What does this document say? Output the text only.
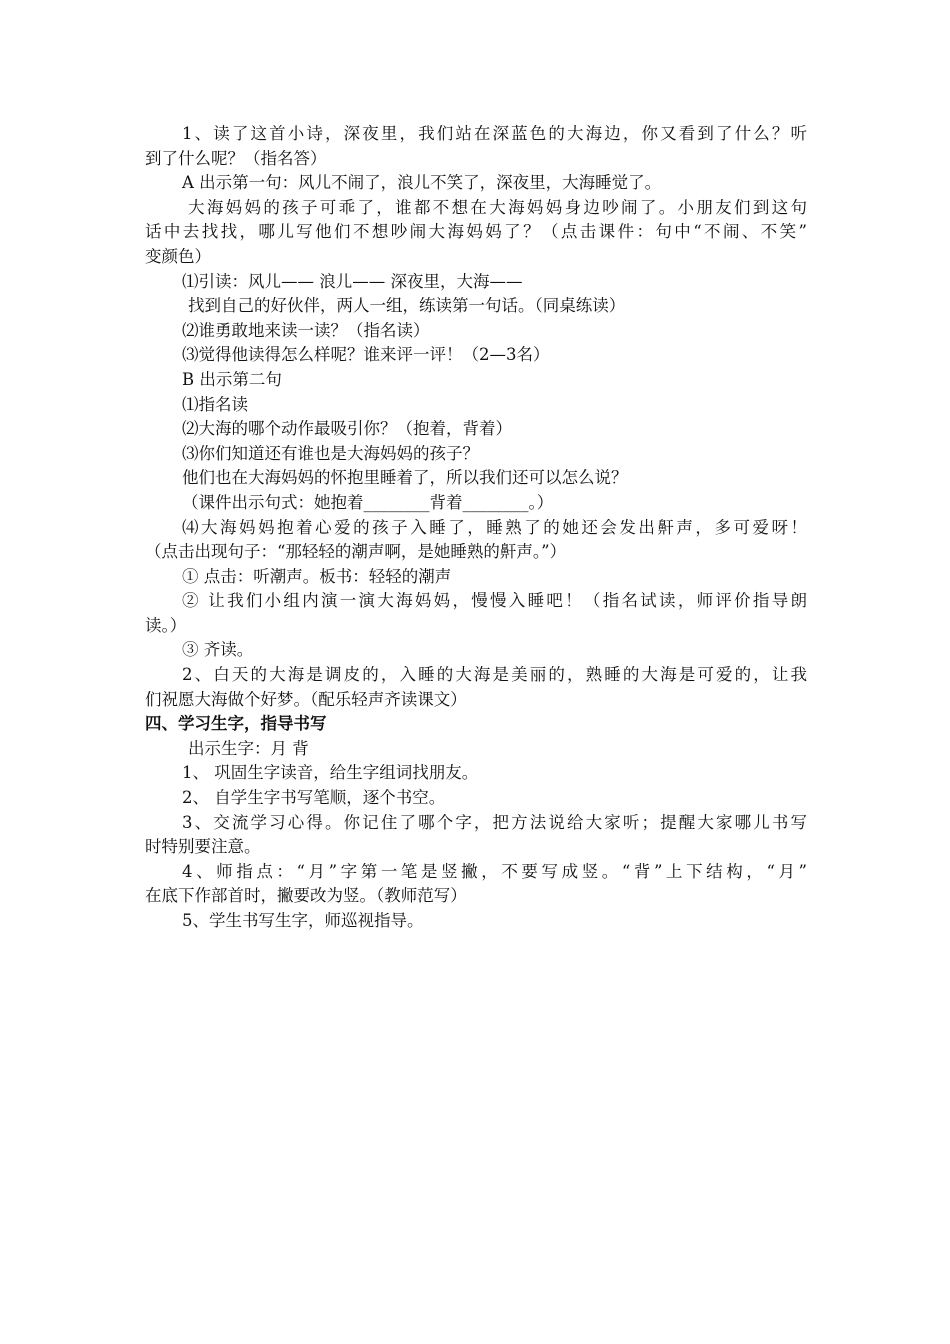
1、读了这首小诗，深夜里，我们站在深蓝色的大海边，你又看到了什么？听
到了什么呢？（指名答）
A 出示第一句：风儿不闹了，浪儿不笑了，深夜里，大海睡觉了。
大海妈妈的孩子可乖了，谁都不想在大海妈妈身边吵闹了。小朋友们到这句
话中去找找，哪儿写他们不想吵闹大海妈妈了？（点击课件：句中“不闹、不笑”
变颜色）
⑴引读：风儿—— 浪儿—— 深夜里，大海——
找到自己的好伙伴，两人一组，练读第一句话。（同桌练读）
⑵谁勇敢地来读一读？（指名读）
⑶觉得他读得怎么样呢？谁来评一评！（2—3名）
B 出示第二句
⑴指名读
⑵大海的哪个动作最吸引你？（抱着，背着）
⑶你们知道还有谁也是大海妈妈的孩子？
他们也在大海妈妈的怀抱里睡着了，所以我们还可以怎么说？
（课件出示句式：她抱着________背着________。）
⑷大海妈妈抱着心爱的孩子入睡了，睡熟了的她还会发出鼾声，多可爱呀！
（点击出现句子：“那轻轻的潮声啊，是她睡熟的鼾声。”）
① 点击：听潮声。板书：轻轻的潮声
② 让我们小组内演一演大海妈妈，慢慢入睡吧！（指名试读，师评价指导朗
读。）
③ 齐读。
2、白天的大海是调皮的，入睡的大海是美丽的，熟睡的大海是可爱的，让我
们祝愿大海做个好梦。（配乐轻声齐读课文）
四、学习生字，指导书写
出示生字：月 背
1、 巩固生字读音，给生字组词找朋友。
2、 自学生字书写笔顺，逐个书空。
3、交流学习心得。你记住了哪个字，把方法说给大家听；提醒大家哪儿书写
时特别要注意。
4、师指点：“月”字第一笔是竖撇，不要写成竖。“背”上下结构，“月”
在底下作部首时，撇要改为竖。（教师范写）
5、学生书写生字，师巡视指导。
